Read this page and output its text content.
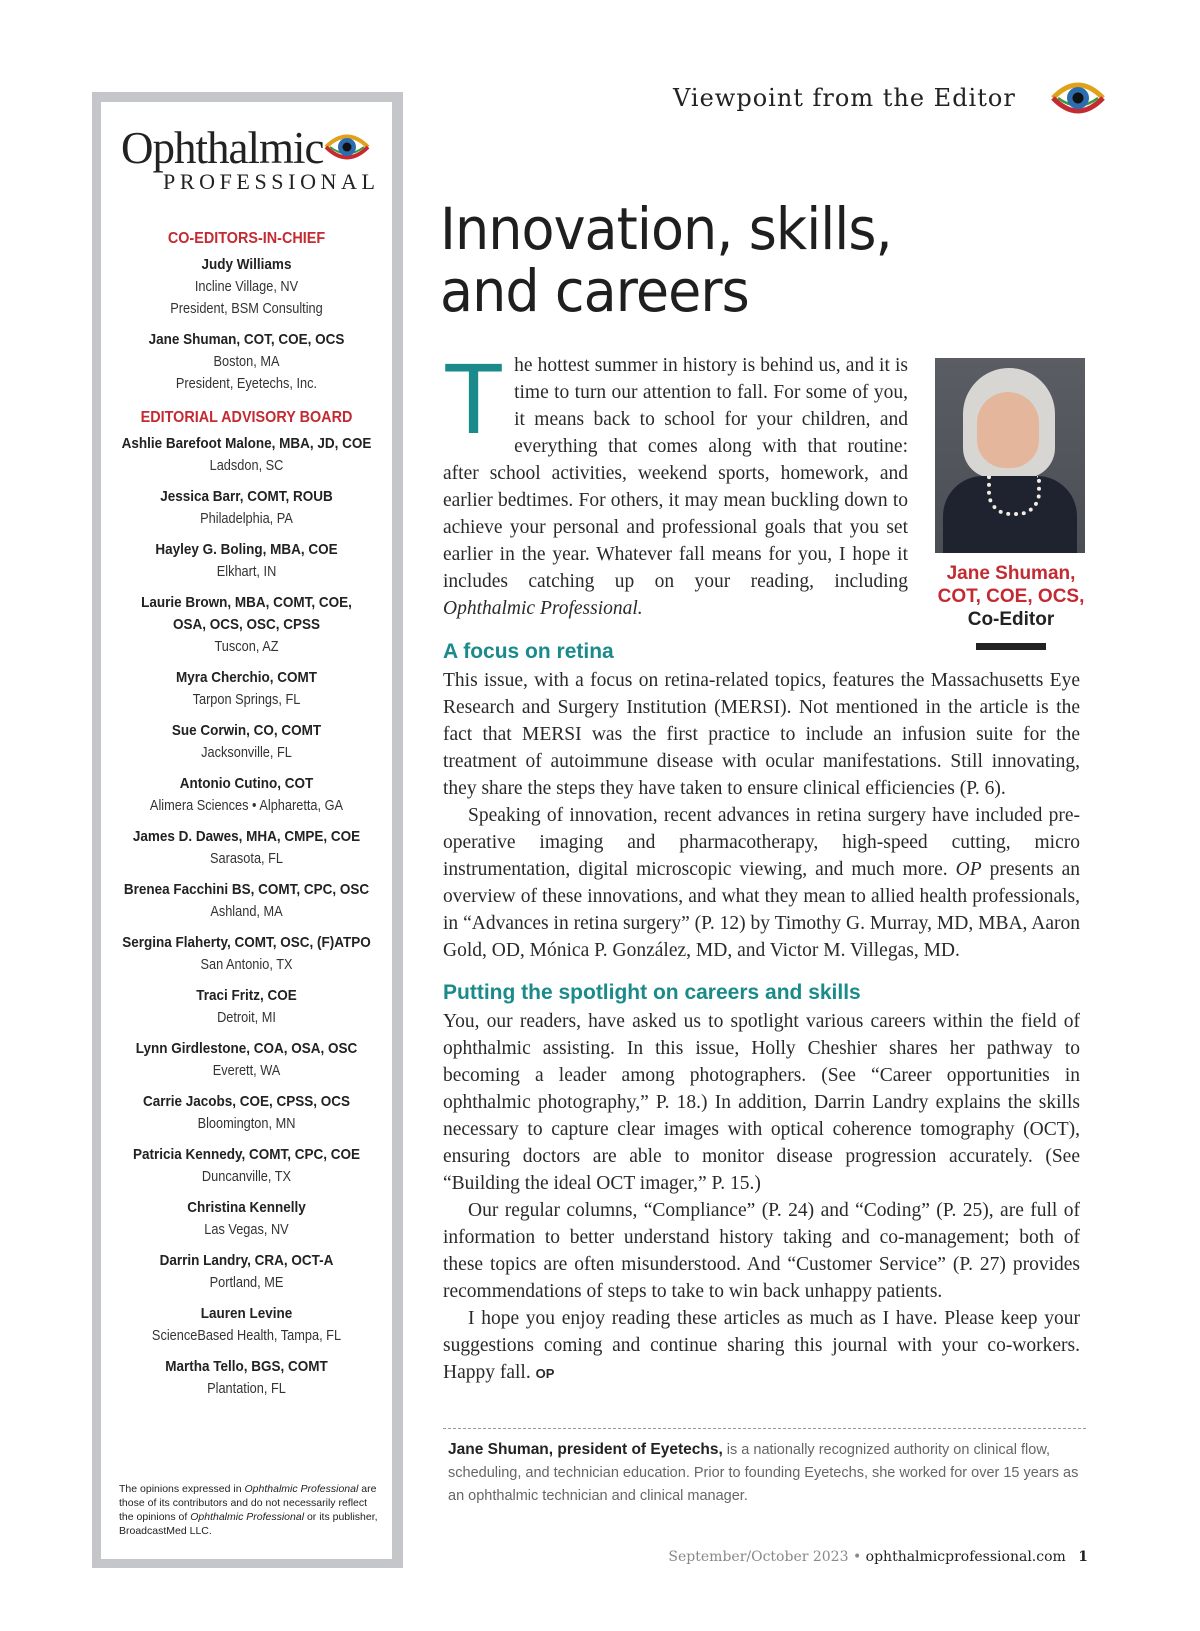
Ophthalmic
PROFESSIONAL
CO-EDITORS-IN-CHIEF
Judy Williams
Incline Village, NV
President, BSM Consulting
Jane Shuman, COT, COE, OCS
Boston, MA
President, Eyetechs, Inc.
EDITORIAL ADVISORY BOARD
Ashlie Barefoot Malone, MBA, JD, COE
Ladsdon, SC
Jessica Barr, COMT, ROUB
Philadelphia, PA
Hayley G. Boling, MBA, COE
Elkhart, IN
Laurie Brown, MBA, COMT, COE,
OSA, OCS, OSC, CPSS
Tuscon, AZ
Myra Cherchio, COMT
Tarpon Springs, FL
Sue Corwin, CO, COMT
Jacksonville, FL
Antonio Cutino, COT
Alimera Sciences • Alpharetta, GA
James D. Dawes, MHA, CMPE, COE
Sarasota, FL
Brenea Facchini BS, COMT, CPC, OSC
Ashland, MA
Sergina Flaherty, COMT, OSC, (F)ATPO
San Antonio, TX
Traci Fritz, COE
Detroit, MI
Lynn Girdlestone, COA, OSA, OSC
Everett, WA
Carrie Jacobs, COE, CPSS, OCS
Bloomington, MN
Patricia Kennedy, COMT, CPC, COE
Duncanville, TX
Christina Kennelly
Las Vegas, NV
Darrin Landry, CRA, OCT-A
Portland, ME
Lauren Levine
ScienceBased Health, Tampa, FL
Martha Tello, BGS, COMT
Plantation, FL
The opinions expressed in Ophthalmic Professional are those of its contributors and do not necessarily reflect the opinions of Ophthalmic Professional or its publisher, BroadcastMed LLC.
Viewpoint from the Editor
Innovation, skills,
and careers
The hottest summer in history is behind us, and it is time to turn our attention to fall. For some of you, it means back to school for your children, and everything that comes along with that routine: after school activities, weekend sports, homework, and earlier bedtimes. For others, it may mean buckling down to achieve your personal and professional goals that you set earlier in the year. Whatever fall means for you, I hope it includes catching up on your reading, including Ophthalmic Professional.
Jane Shuman,
COT, COE, OCS,
Co-Editor
A focus on retina

This issue, with a focus on retina-related topics, features the Massachusetts Eye Research and Surgery Institution (MERSI). Not mentioned in the article is the fact that MERSI was the first practice to include an infusion suite for the treatment of autoimmune disease with ocular manifestations. Still innovating, they share the steps they have taken to ensure clinical efficiencies (P. 6).

Speaking of innovation, recent advances in retina surgery have included pre-operative imaging and pharmacotherapy, high-speed cutting, micro instrumentation, digital microscopic viewing, and much more. OP presents an overview of these innovations, and what they mean to allied health professionals, in “Advances in retina surgery” (P. 12) by Timothy G. Murray, MD, MBA, Aaron Gold, OD, Mónica P. González, MD, and Victor M. Villegas, MD.

Putting the spotlight on careers and skills

You, our readers, have asked us to spotlight various careers within the field of ophthalmic assisting. In this issue, Holly Cheshier shares her pathway to becoming a leader among photographers. (See “Career opportunities in ophthalmic photography,” P. 18.) In addition, Darrin Landry explains the skills necessary to capture clear images with optical coherence tomography (OCT), ensuring doctors are able to monitor disease progression accurately. (See “Building the ideal OCT imager,” P. 15.)

Our regular columns, “Compliance” (P. 24) and “Coding” (P. 25), are full of information to better understand history taking and co-management; both of these topics are often misunderstood. And “Customer Service” (P. 27) provides recommendations of steps to take to win back unhappy patients.

I hope you enjoy reading these articles as much as I have. Please keep your suggestions coming and continue sharing this journal with your co-workers. Happy fall. OP

Jane Shuman, president of Eyetechs, is a nationally recognized authority on clinical flow, scheduling, and technician education. Prior to founding Eyetechs, she worked for over 15 years as an ophthalmic technician and clinical manager.
September/October 2023 • ophthalmicprofessional.com 1
